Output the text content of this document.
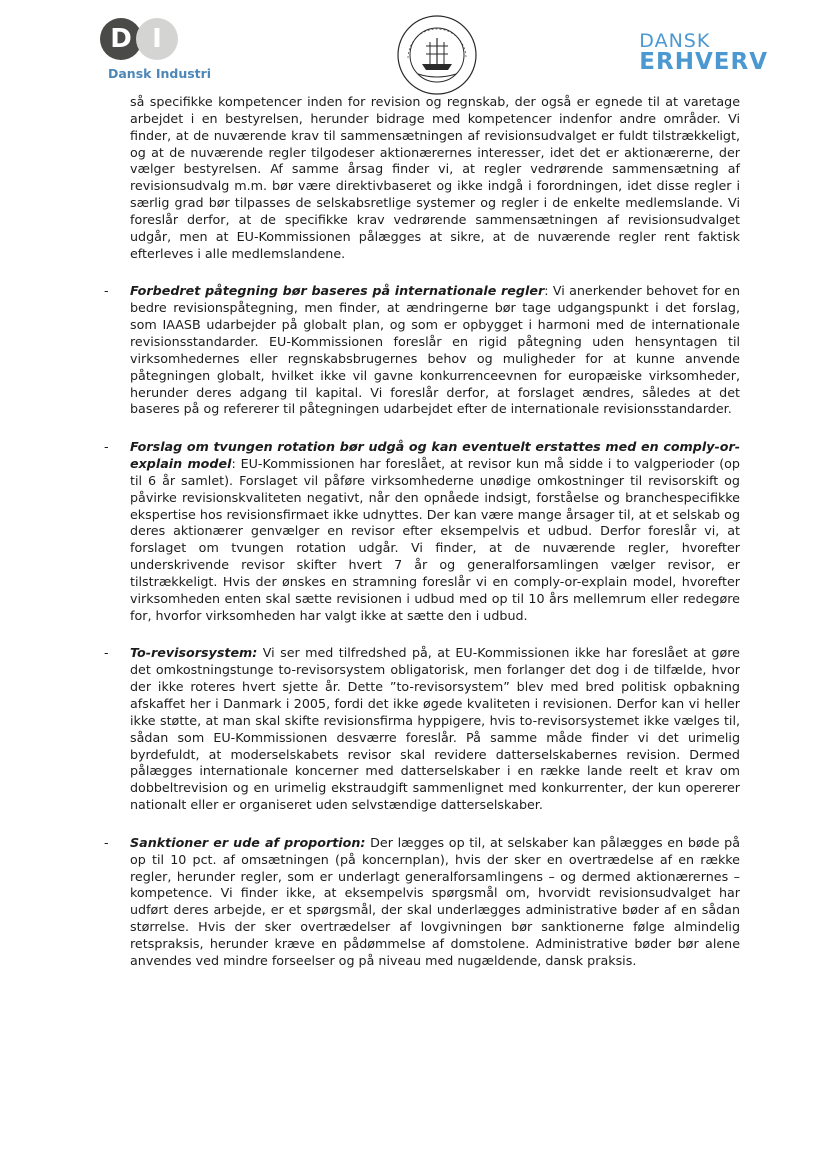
D I
Dansk Industri
DANSK
ERHVERV

så specifikke kompetencer inden for revision og regnskab, der også er egnede til at varetage arbejdet i en bestyrelsen, herunder bidrage med kompetencer indenfor andre områder. Vi finder, at de nuværende krav til sammensætningen af revisionsudvalget er fuldt tilstrækkeligt, og at de nuværende regler tilgodeser aktionærernes interesser, idet det er aktionærerne, der vælger bestyrelsen. Af samme årsag finder vi, at regler vedrørende sammensætning af revisionsudvalg m.m. bør være direktivbaseret og ikke indgå i forordningen, idet disse regler i særlig grad bør tilpasses de selskabsretlige systemer og regler i de enkelte medlemslande. Vi foreslår derfor, at de specifikke krav vedrørende sammensætningen af revisionsudvalget udgår, men at EU-Kommissionen pålægges at sikre, at de nuværende regler rent faktisk efterleves i alle medlemslandene.

- Forbedret påtegning bør baseres på internationale regler: Vi anerkender behovet for en bedre revisionspåtegning, men finder, at ændringerne bør tage udgangspunkt i det forslag, som IAASB udarbejder på globalt plan, og som er opbygget i harmoni med de internationale revisionsstandarder. EU-Kommissionen foreslår en rigid påtegning uden hensyntagen til virksomhedernes eller regnskabsbrugernes behov og muligheder for at kunne anvende påtegningen globalt, hvilket ikke vil gavne konkurrenceevnen for europæiske virksomheder, herunder deres adgang til kapital. Vi foreslår derfor, at forslaget ændres, således at det baseres på og refererer til påtegningen udarbejdet efter de internationale revisionsstandarder.

- Forslag om tvungen rotation bør udgå og kan eventuelt erstattes med en comply-or-explain model: EU-Kommissionen har foreslået, at revisor kun må sidde i to valgperioder (op til 6 år samlet). Forslaget vil påføre virksomhederne unødige omkostninger til revisorskift og påvirke revisionskvaliteten negativt, når den opnåede indsigt, forståelse og branchespecifikke ekspertise hos revisionsfirmaet ikke udnyttes. Der kan være mange årsager til, at et selskab og deres aktionærer genvælger en revisor efter eksempelvis et udbud. Derfor foreslår vi, at forslaget om tvungen rotation udgår. Vi finder, at de nuværende regler, hvorefter underskrivende revisor skifter hvert 7 år og generalforsamlingen vælger revisor, er tilstrækkeligt. Hvis der ønskes en stramning foreslår vi en comply-or-explain model, hvorefter virksomheden enten skal sætte revisionen i udbud med op til 10 års mellemrum eller redegøre for, hvorfor virksomheden har valgt ikke at sætte den i udbud.

- To-revisorsystem: Vi ser med tilfredshed på, at EU-Kommissionen ikke har foreslået at gøre det omkostningstunge to-revisorsystem obligatorisk, men forlanger det dog i de tilfælde, hvor der ikke roteres hvert sjette år. Dette ”to-revisorsystem” blev med bred politisk opbakning afskaffet her i Danmark i 2005, fordi det ikke øgede kvaliteten i revisionen. Derfor kan vi heller ikke støtte, at man skal skifte revisionsfirma hyppigere, hvis to-revisorsystemet ikke vælges til, sådan som EU-Kommissionen desværre foreslår. På samme måde finder vi det urimelig byrdefuldt, at moderselskabets revisor skal revidere datterselskabernes revision. Dermed pålægges internationale koncerner med datterselskaber i en række lande reelt et krav om dobbeltrevision og en urimelig ekstraudgift sammenlignet med konkurrenter, der kun opererer nationalt eller er organiseret uden selvstændige datterselskaber.

- Sanktioner er ude af proportion: Der lægges op til, at selskaber kan pålægges en bøde på op til 10 pct. af omsætningen (på koncernplan), hvis der sker en overtrædelse af en række regler, herunder regler, som er underlagt generalforsamlingens – og dermed aktionærernes – kompetence. Vi finder ikke, at eksempelvis spørgsmål om, hvorvidt revisionsudvalget har udført deres arbejde, er et spørgsmål, der skal underlægges administrative bøder af en sådan størrelse. Hvis der sker overtrædelser af lovgivningen bør sanktionerne følge almindelig retspraksis, herunder kræve en pådømmelse af domstolene. Administrative bøder bør alene anvendes ved mindre forseelser og på niveau med nugældende, dansk praksis.
